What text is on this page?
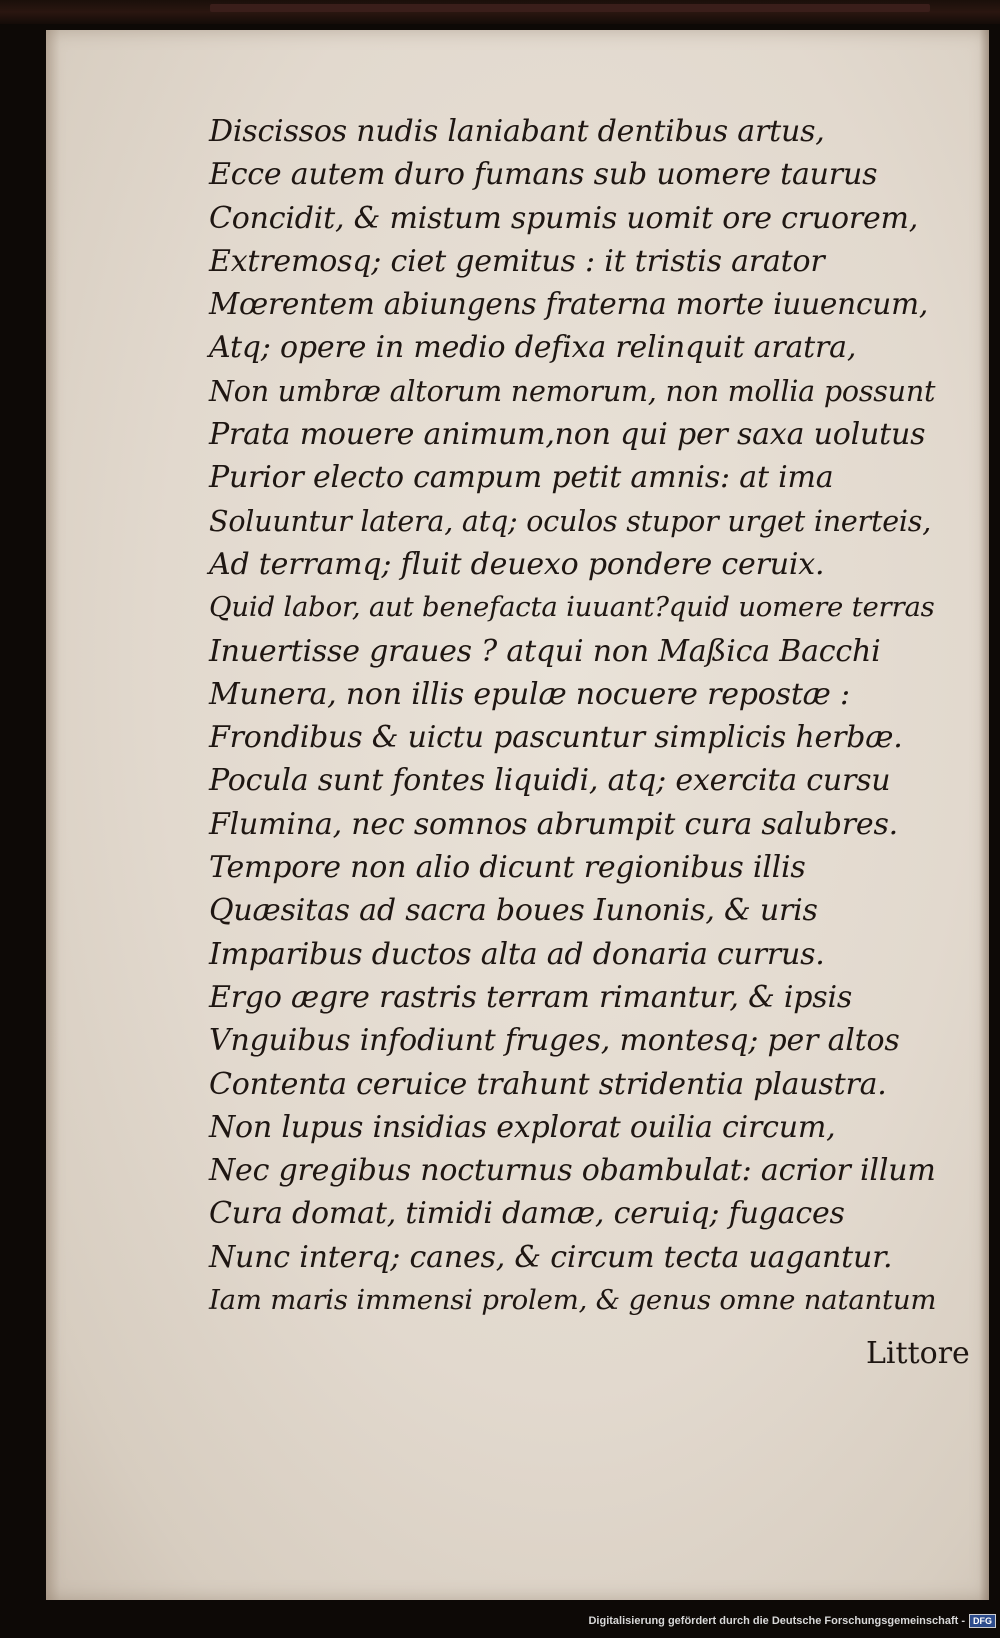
Discissos nudis laniabant dentibus artus,
Ecce autem duro fumans sub uomere taurus
Concidit, & mistum spumis uomit ore cruorem,
Extremosq; ciet gemitus : it tristis arator
Mœrentem abiungens fraterna morte iuuencum,
Atq; opere in medio defixa relinquit aratra,
Non umbræ altorum nemorum, non mollia possunt
Prata mouere animum,non qui per saxa uolutus
Purior electo campum petit amnis: at ima
Soluuntur latera, atq; oculos stupor urget inerteis,
Ad terramq; fluit deuexo pondere ceruix.
Quid labor, aut benefacta iuuant?quid uomere terras
Inuertisse graues ? atqui non Maßica Bacchi
Munera, non illis epulæ nocuere repostæ :
Frondibus & uictu pascuntur simplicis herbæ.
Pocula sunt fontes liquidi, atq; exercita cursu
Flumina, nec somnos abrumpit cura salubres.
Tempore non alio dicunt regionibus illis
Quæsitas ad sacra boues Iunonis, & uris
Imparibus ductos alta ad donaria currus.
Ergo ægre rastris terram rimantur, & ipsis
Vnguibus infodiunt fruges, montesq; per altos
Contenta ceruice trahunt stridentia plaustra.
Non lupus insidias explorat ouilia circum,
Nec gregibus nocturnus obambulat: acrior illum
Cura domat, timidi damæ, ceruiq; fugaces
Nunc interq; canes, & circum tecta uagantur.
Iam maris immensi prolem, & genus omne natantum
Littore
Digitalisierung gefördert durch die Deutsche Forschungsgemeinschaft - DFG
